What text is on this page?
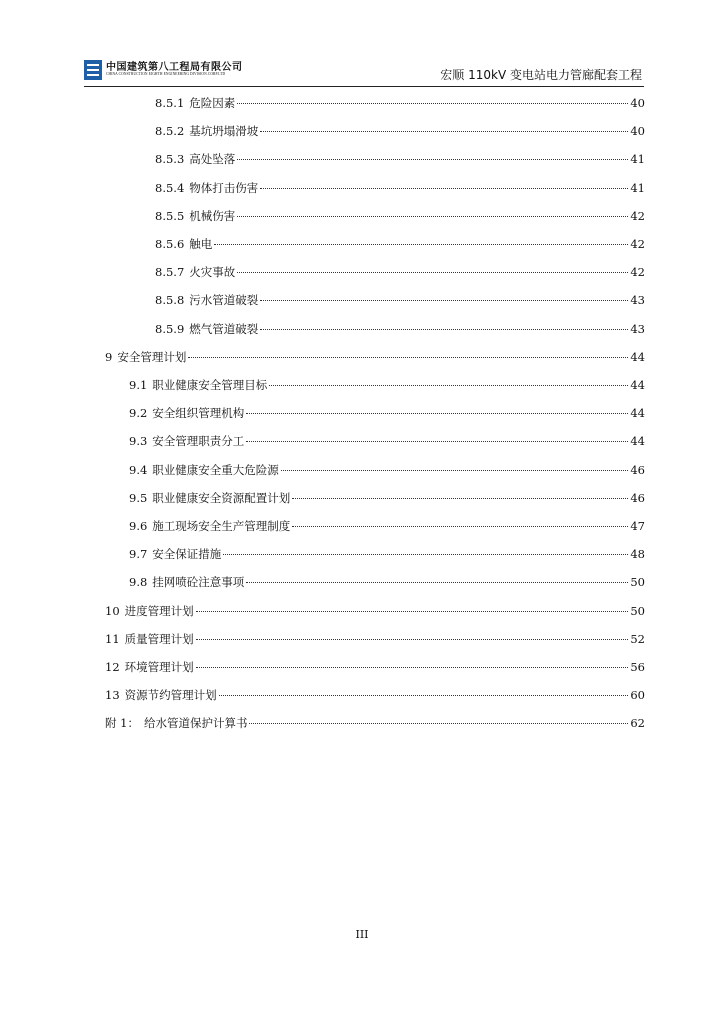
中国建筑第八工程局有限公司
CHINA CONSTRUCTION EIGHTH ENGINEERING DIVISION.CORP.LTD	宏顺 110kV 变电站电力管廊配套工程
8.5.1 危险因素	40
8.5.2 基坑坍塌滑坡	40
8.5.3 高处坠落	41
8.5.4 物体打击伤害	41
8.5.5 机械伤害	42
8.5.6 触电	42
8.5.7 火灾事故	42
8.5.8 污水管道破裂	43
8.5.9 燃气管道破裂	43
9 安全管理计划	44
9.1 职业健康安全管理目标	44
9.2 安全组织管理机构	44
9.3 安全管理职责分工	44
9.4 职业健康安全重大危险源	46
9.5 职业健康安全资源配置计划	46
9.6 施工现场安全生产管理制度	47
9.7 安全保证措施	48
9.8 挂网喷砼注意事项	50
10 进度管理计划	50
11 质量管理计划	52
12 环境管理计划	56
13 资源节约管理计划	60
附 1： 给水管道保护计算书	62
III
